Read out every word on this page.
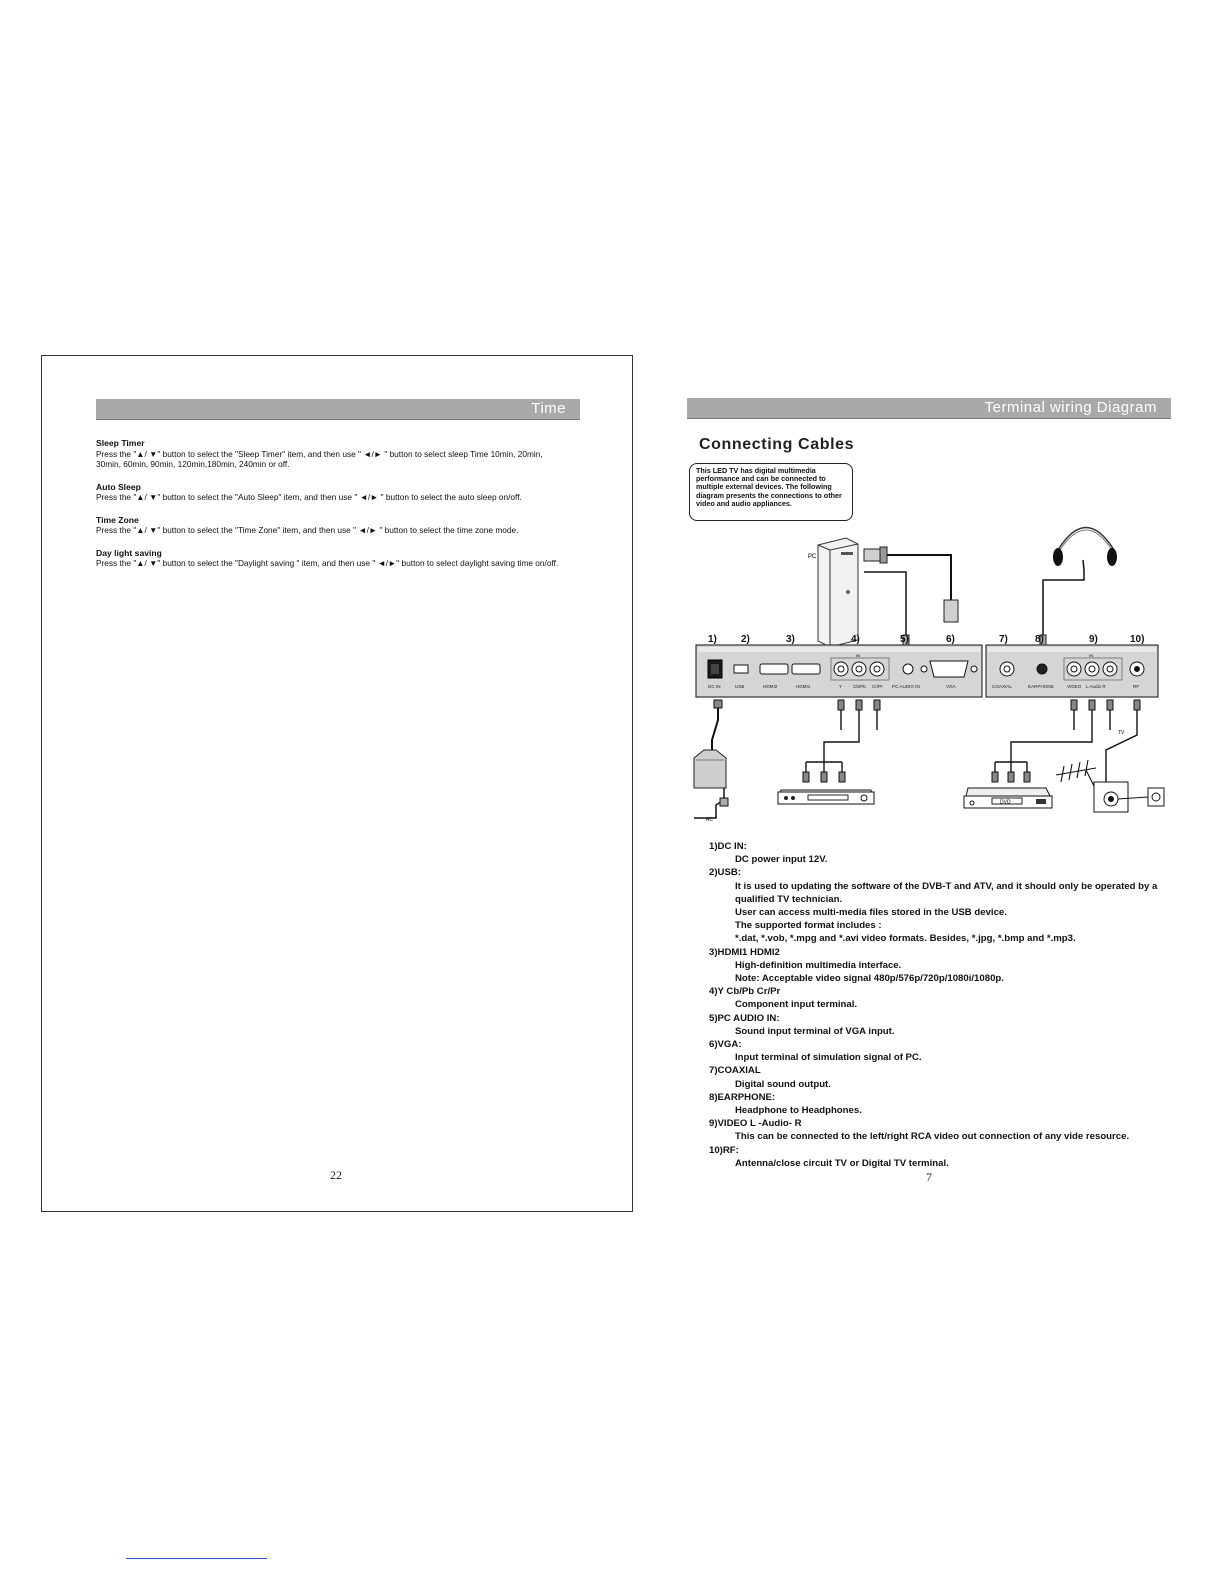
Time
Sleep Timer
Press the "▲/ ▼" button to select the "Sleep Timer" item, and then use " ◄/► " button to select sleep Time 10min, 20min, 30min, 60min, 90min, 120min,180min, 240min or off.
Auto Sleep
Press the "▲/ ▼" button to select the "Auto Sleep" item, and then use " ◄/► " button to select the auto sleep on/off.
Time Zone
Press the "▲/ ▼" button to select the "Time Zone" item, and then use " ◄/► " button to select the time zone mode.
Day light saving
Press the "▲/ ▼" button to select the "Daylight saving " item, and then use " ◄/►" button to select daylight saving time on/off.
22
Terminal wiring Diagram
Connecting Cables
This LED TV has digital multimedia performance and can be connected to multiple external devices. The following diagram presents the connections to other video and audio appliances.
PC
1) 2)	3)	4)	5)	6)	7)	8)	9)	10)
IN	IN
DC IN	USB	HDMI2	HDMI1	Y Cb/Pb Cr/Pr PC AUDIO IN	VGA	COAXIAL	EARPHONE	VIDEO L Audio R	RF
AC
DVD
TV
1)DC IN:
DC power input 12V.
2)USB:
It is used to updating the software of the DVB-T and ATV, and it should only be operated by a qualified TV technician.
User can access multi-media files stored in the USB device.
The supported format includes :
*.dat, *.vob, *.mpg and *.avi video formats. Besides, *.jpg, *.bmp and *.mp3.
3)HDMI1 HDMI2
High-definition multimedia interface.
Note: Acceptable video signal 480p/576p/720p/1080i/1080p.
4)Y Cb/Pb Cr/Pr
Component input terminal.
5)PC AUDIO IN:
Sound input terminal of VGA input.
6)VGA:
Input terminal of simulation signal of PC.
7)COAXIAL
Digital sound output.
8)EARPHONE:
Headphone to Headphones.
9)VIDEO L -Audio- R
This can be connected to the left/right RCA video out connection of any vide resource.
10)RF:
Antenna/close circuit TV or Digital TV terminal.
7
